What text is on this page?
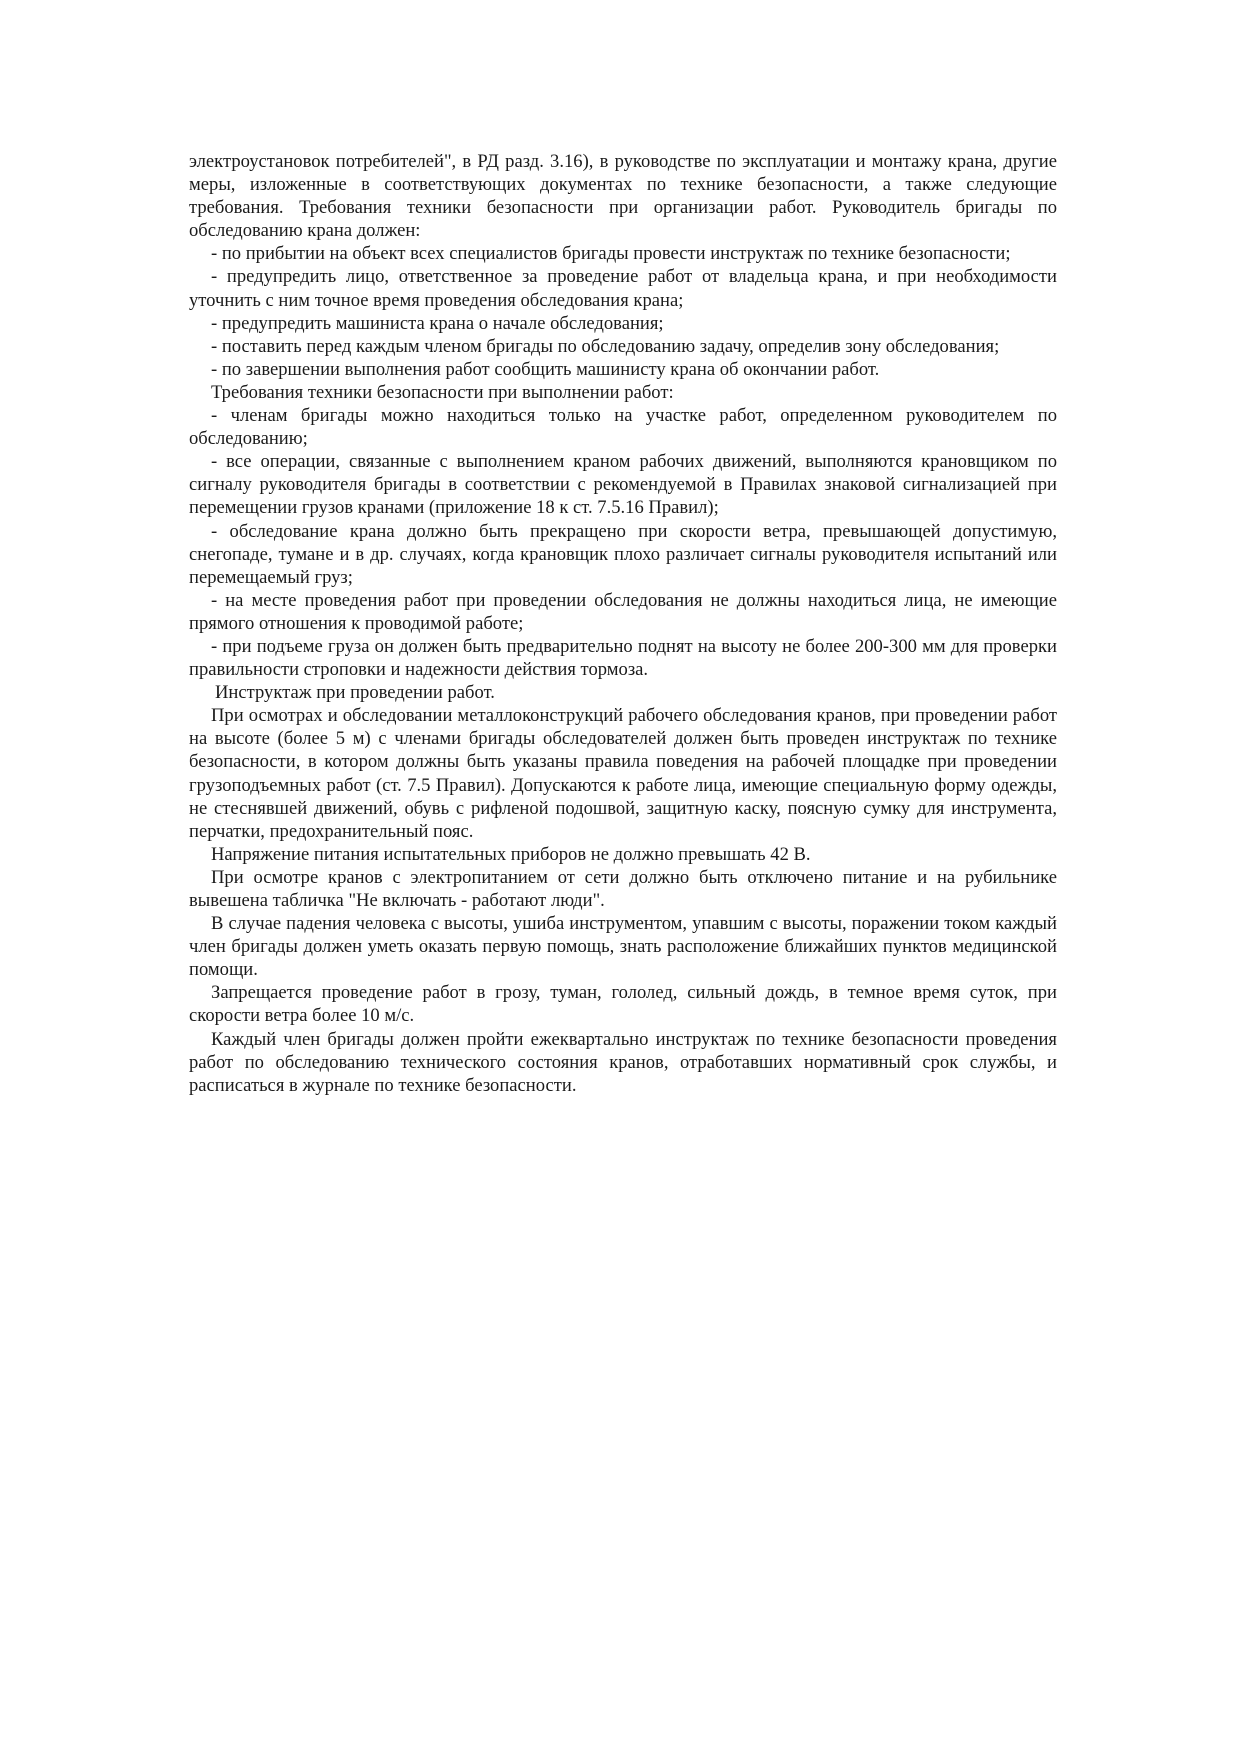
электроустановок потребителей", в РД разд. 3.16), в руководстве по эксплуатации и монтажу крана, другие меры, изложенные в соответствующих документах по технике безопасности, а также следующие требования. Требования техники безопасности при организации работ. Руководитель бригады по обследованию крана должен:

- по прибытии на объект всех специалистов бригады провести инструктаж по технике безопасности;

- предупредить лицо, ответственное за проведение работ от владельца крана, и при необходимости уточнить с ним точное время проведения обследования крана;

- предупредить машиниста крана о начале обследования;

- поставить перед каждым членом бригады по обследованию задачу, определив зону обследования;

- по завершении выполнения работ сообщить машинисту крана об окончании работ.

Требования техники безопасности при выполнении работ:

- членам бригады можно находиться только на участке работ, определенном руководителем по обследованию;

- все операции, связанные с выполнением краном рабочих движений, выполняются крановщиком по сигналу руководителя бригады в соответствии с рекомендуемой в Правилах знаковой сигнализацией при перемещении грузов кранами (приложение 18 к ст. 7.5.16 Правил);

- обследование крана должно быть прекращено при скорости ветра, превышающей допустимую, снегопаде, тумане и в др. случаях, когда крановщик плохо различает сигналы руководителя испытаний или перемещаемый груз;

- на месте проведения работ при проведении обследования не должны находиться лица, не имеющие прямого отношения к проводимой работе;

- при подъеме груза он должен быть предварительно поднят на высоту не более 200-300 мм для проверки правильности строповки и надежности действия тормоза.

Инструктаж при проведении работ.

При осмотрах и обследовании металлоконструкций рабочего обследования кранов, при проведении работ на высоте (более 5 м) с членами бригады обследователей должен быть проведен инструктаж по технике безопасности, в котором должны быть указаны правила поведения на рабочей площадке при проведении грузоподъемных работ (ст. 7.5 Правил). Допускаются к работе лица, имеющие специальную форму одежды, не стеснявшей движений, обувь с рифленой подошвой, защитную каску, поясную сумку для инструмента, перчатки, предохранительный пояс.

Напряжение питания испытательных приборов не должно превышать 42 В.

При осмотре кранов с электропитанием от сети должно быть отключено питание и на рубильнике вывешена табличка "Не включать - работают люди".

В случае падения человека с высоты, ушиба инструментом, упавшим с высоты, поражении током каждый член бригады должен уметь оказать первую помощь, знать расположение ближайших пунктов медицинской помощи.

Запрещается проведение работ в грозу, туман, гололед, сильный дождь, в темное время суток, при скорости ветра более 10 м/с.

Каждый член бригады должен пройти ежеквартально инструктаж по технике безопасности проведения работ по обследованию технического состояния кранов, отработавших нормативный срок службы, и расписаться в журнале по технике безопасности.
